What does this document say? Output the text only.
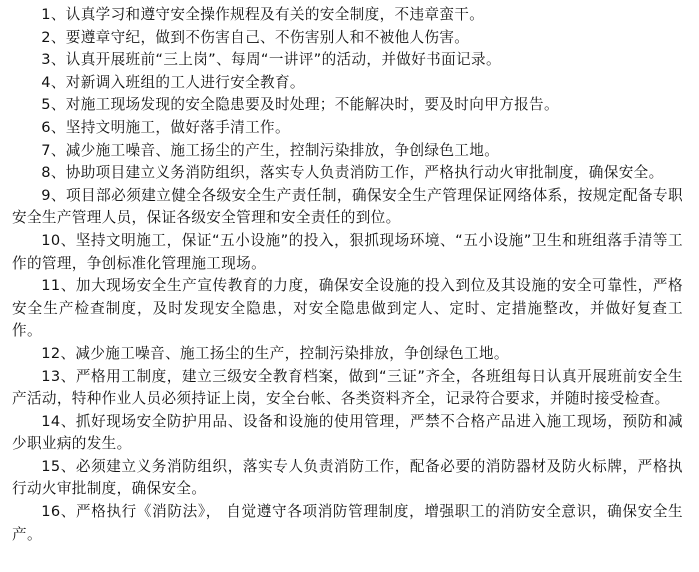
1、认真学习和遵守安全操作规程及有关的安全制度，不违章蛮干。

2、要遵章守纪，做到不伤害自己、不伤害别人和不被他人伤害。

3、认真开展班前“三上岗”、每周“一讲评”的活动，并做好书面记录。

4、对新调入班组的工人进行安全教育。

5、对施工现场发现的安全隐患要及时处理；不能解决时，要及时向甲方报告。

6、坚持文明施工，做好落手清工作。

7、减少施工噪音、施工扬尘的产生，控制污染排放，争创绿色工地。

8、协助项目建立义务消防组织，落实专人负责消防工作，严格执行动火审批制度，确保安全。

9、项目部必须建立健全各级安全生产责任制，确保安全生产管理保证网络体系，按规定配备专职安全生产管理人员，保证各级安全管理和安全责任的到位。

10、坚持文明施工，保证“五小设施”的投入，狠抓现场环境、“五小设施”卫生和班组落手清等工作的管理，争创标准化管理施工现场。

11、加大现场安全生产宣传教育的力度，确保安全设施的投入到位及其设施的安全可靠性，严格安全生产检查制度，及时发现安全隐患，对安全隐患做到定人、定时、定措施整改，并做好复查工作。

12、减少施工噪音、施工扬尘的生产，控制污染排放，争创绿色工地。

13、严格用工制度，建立三级安全教育档案，做到“三证”齐全，各班组每日认真开展班前安全生产活动，特种作业人员必须持证上岗，安全台帐、各类资料齐全，记录符合要求，并随时接受检查。

14、抓好现场安全防护用品、设备和设施的使用管理，严禁不合格产品进入施工现场，预防和减少职业病的发生。

15、必须建立义务消防组织，落实专人负责消防工作，配备必要的消防器材及防火标牌，严格执行动火审批制度，确保安全。

16、严格执行《消防法》， 自觉遵守各项消防管理制度，增强职工的消防安全意识，确保安全生产。
